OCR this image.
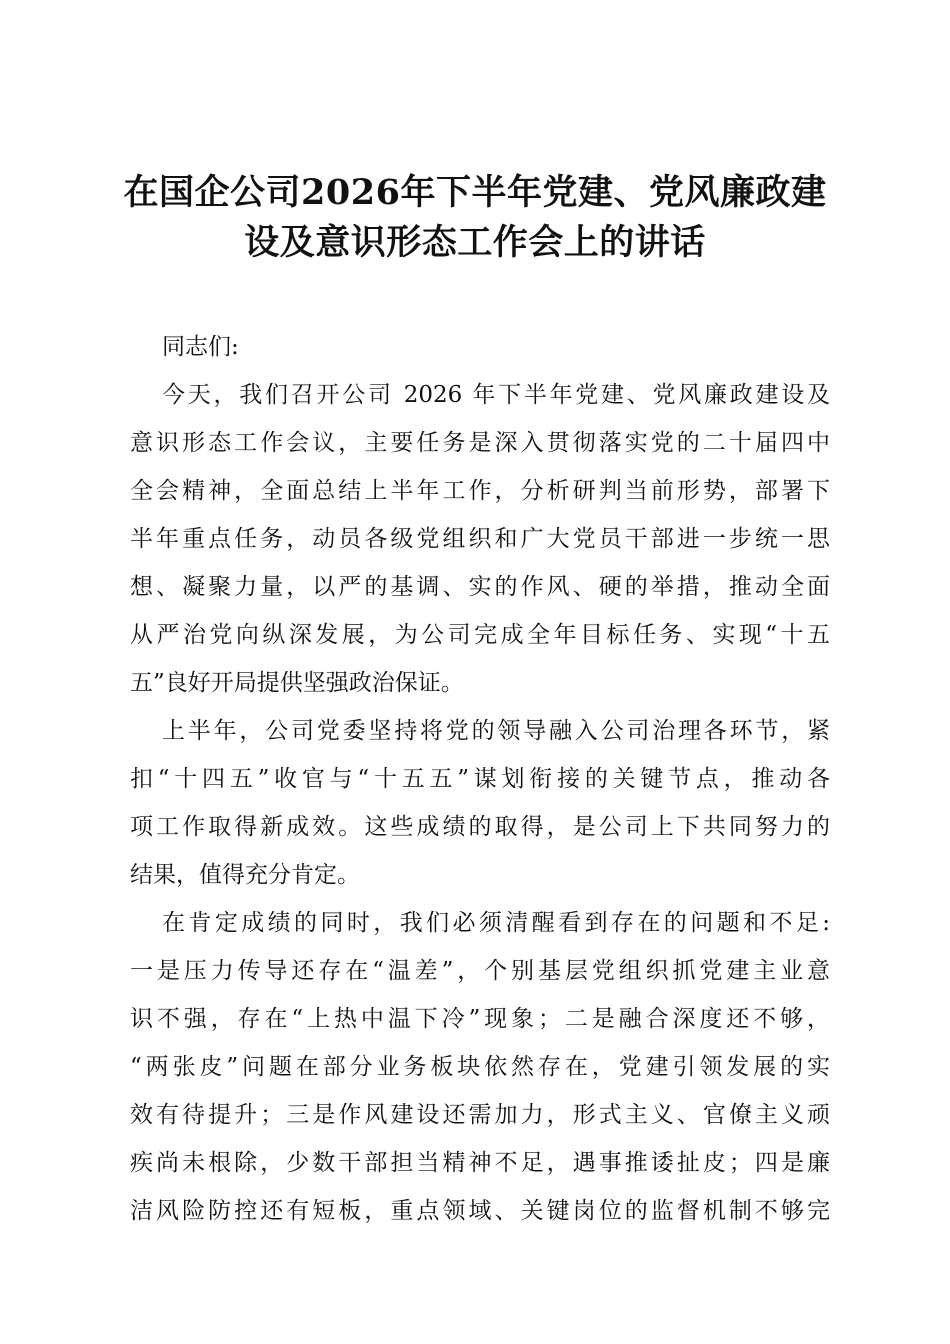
在国企公司2026年下半年党建、党风廉政建
设及意识形态工作会上的讲话
同志们:
今天，我们召开公司 2026 年下半年党建、党风廉政建设及
意识形态工作会议，主要任务是深入贯彻落实党的二十届四中
全会精神，全面总结上半年工作，分析研判当前形势，部署下
半年重点任务，动员各级党组织和广大党员干部进一步统一思
想、凝聚力量，以严的基调、实的作风、硬的举措，推动全面
从严治党向纵深发展，为公司完成全年目标任务、实现“十五
五”良好开局提供坚强政治保证。
上半年，公司党委坚持将党的领导融入公司治理各环节，紧
扣“十四五”收官与“十五五”谋划衔接的关键节点，推动各
项工作取得新成效。这些成绩的取得，是公司上下共同努力的
结果，值得充分肯定。
在肯定成绩的同时，我们必须清醒看到存在的问题和不足:
一是压力传导还存在“温差”，个别基层党组织抓党建主业意
识不强，存在“上热中温下冷”现象；二是融合深度还不够，
“两张皮”问题在部分业务板块依然存在，党建引领发展的实
效有待提升；三是作风建设还需加力，形式主义、官僚主义顽
疾尚未根除，少数干部担当精神不足，遇事推诿扯皮；四是廉
洁风险防控还有短板，重点领域、关键岗位的监督机制不够完
